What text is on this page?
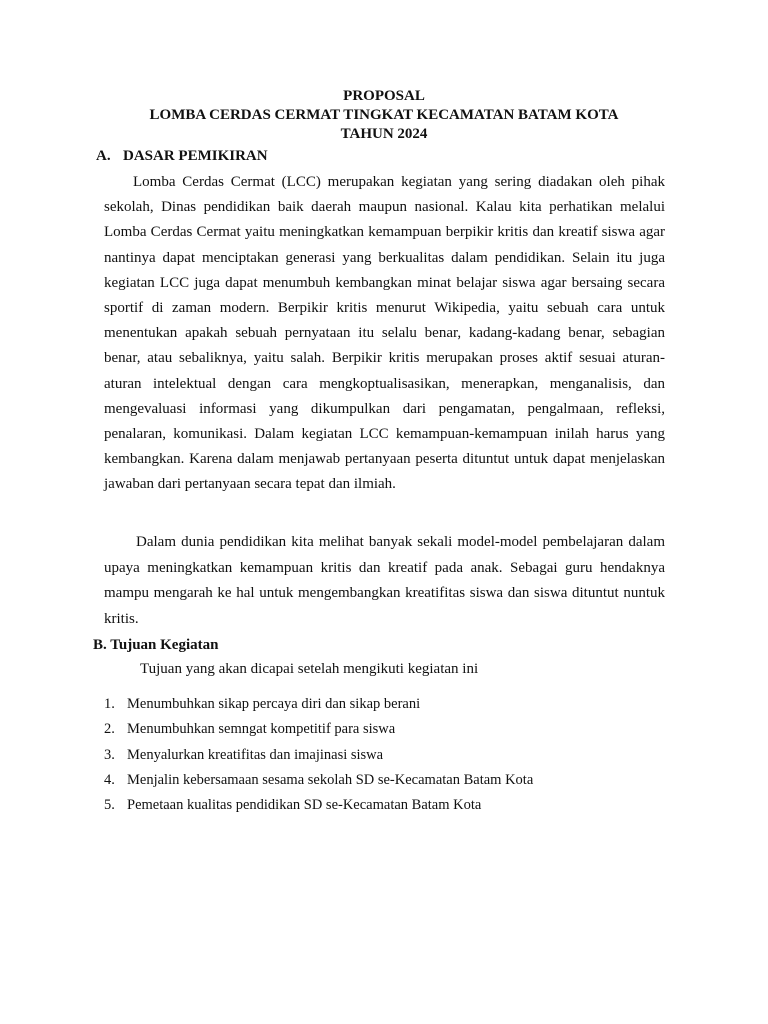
PROPOSAL
LOMBA CERDAS CERMAT TINGKAT KECAMATAN BATAM KOTA
TAHUN 2024
A. DASAR PEMIKIRAN

Lomba Cerdas Cermat (LCC) merupakan kegiatan yang sering diadakan oleh pihak sekolah, Dinas pendidikan baik daerah maupun nasional. Kalau kita perhatikan melalui Lomba Cerdas Cermat yaitu meningkatkan kemampuan berpikir kritis dan kreatif siswa agar nantinya dapat menciptakan generasi yang berkualitas dalam pendidikan. Selain itu juga kegiatan LCC juga dapat menumbuh kembangkan minat belajar siswa agar bersaing secara sportif di zaman modern. Berpikir kritis menurut Wikipedia, yaitu sebuah cara untuk menentukan apakah sebuah pernyataan itu selalu benar, kadang-kadang benar, sebagian benar, atau sebaliknya, yaitu salah. Berpikir kritis merupakan proses aktif sesuai aturan-aturan intelektual dengan cara mengkoptualisasikan, menerapkan, menganalisis, dan mengevaluasi informasi yang dikumpulkan dari pengamatan, pengalmaan, refleksi, penalaran, komunikasi. Dalam kegiatan LCC kemampuan-kemampuan inilah harus yang kembangkan. Karena dalam menjawab pertanyaan peserta dituntut untuk dapat menjelaskan jawaban dari pertanyaan secara tepat dan ilmiah.

Dalam dunia pendidikan kita melihat banyak sekali model-model pembelajaran dalam upaya meningkatkan kemampuan kritis dan kreatif pada anak. Sebagai guru hendaknya mampu mengarah ke hal untuk mengembangkan kreatifitas siswa dan siswa dituntut nuntuk kritis.

B. Tujuan Kegiatan
Tujuan yang akan dicapai setelah mengikuti kegiatan ini
1. Menumbuhkan sikap percaya diri dan sikap berani
2. Menumbuhkan semngat kompetitif para siswa
3. Menyalurkan kreatifitas dan imajinasi siswa
4. Menjalin kebersamaan sesama sekolah SD se-Kecamatan Batam Kota
5. Pemetaan kualitas pendidikan SD se-Kecamatan Batam Kota
